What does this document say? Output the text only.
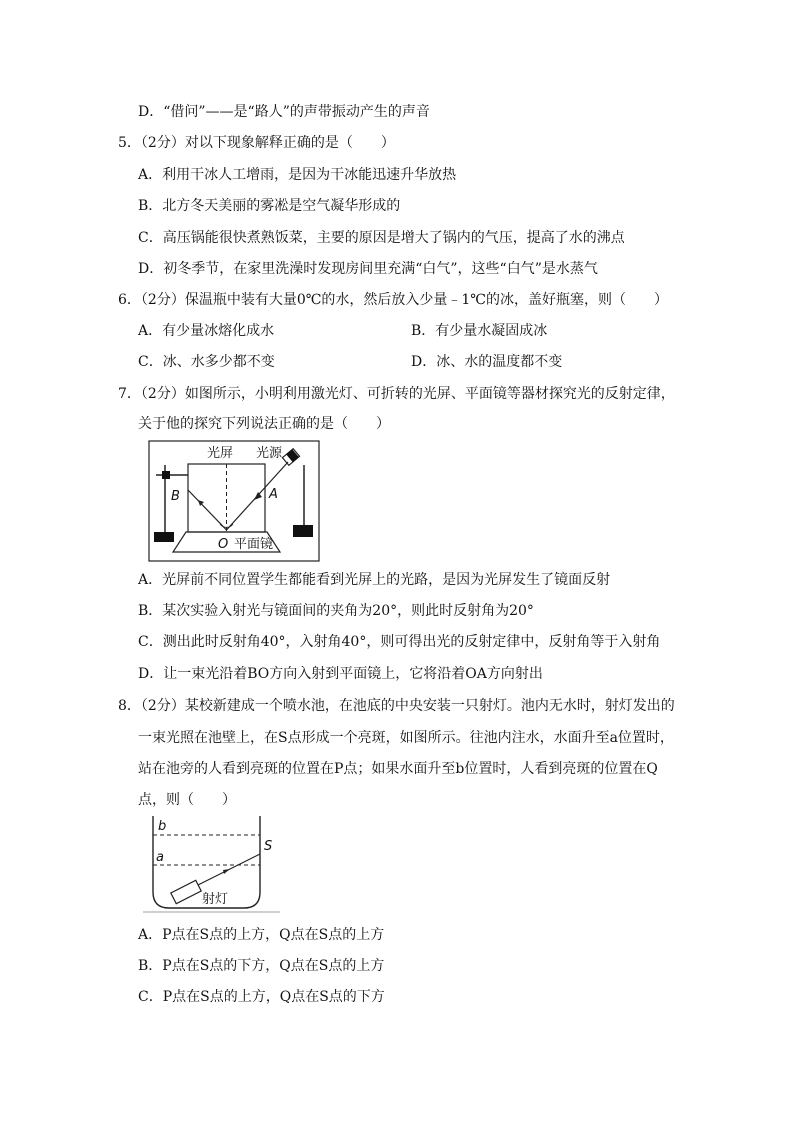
D．“借问”——是“路人”的声带振动产生的声音
5．（2分）对以下现象解释正确的是（　　）
A．利用干冰人工增雨，是因为干冰能迅速升华放热
B．北方冬天美丽的雾凇是空气凝华形成的
C．高压锅能很快煮熟饭菜，主要的原因是增大了锅内的气压，提高了水的沸点
D．初冬季节，在家里洗澡时发现房间里充满“白气”，这些“白气”是水蒸气
6．（2分）保温瓶中装有大量0℃的水，然后放入少量﹣1℃的冰，盖好瓶塞，则（　　）
A．有少量冰熔化成水	B．有少量水凝固成冰
C．冰、水多少都不变	D．冰、水的温度都不变
7．（2分）如图所示，小明利用激光灯、可折转的光屏、平面镜等器材探究光的反射定律，
关于他的探究下列说法正确的是（　　）
光屏 光源
B	A
O 平面镜
A．光屏前不同位置学生都能看到光屏上的光路，是因为光屏发生了镜面反射
B．某次实验入射光与镜面间的夹角为20°，则此时反射角为20°
C．测出此时反射角40°，入射角40°，则可得出光的反射定律中，反射角等于入射角
D．让一束光沿着BO方向入射到平面镜上，它将沿着OA方向射出
8．（2分）某校新建成一个喷水池，在池底的中央安装一只射灯。池内无水时，射灯发出的
一束光照在池壁上，在S点形成一个亮斑，如图所示。往池内注水，水面升至a位置时，
站在池旁的人看到亮斑的位置在P点；如果水面升至b位置时，人看到亮斑的位置在Q
点，则（　　）
b
a
S
射灯
A．P点在S点的上方，Q点在S点的上方
B．P点在S点的下方，Q点在S点的上方
C．P点在S点的上方，Q点在S点的下方
